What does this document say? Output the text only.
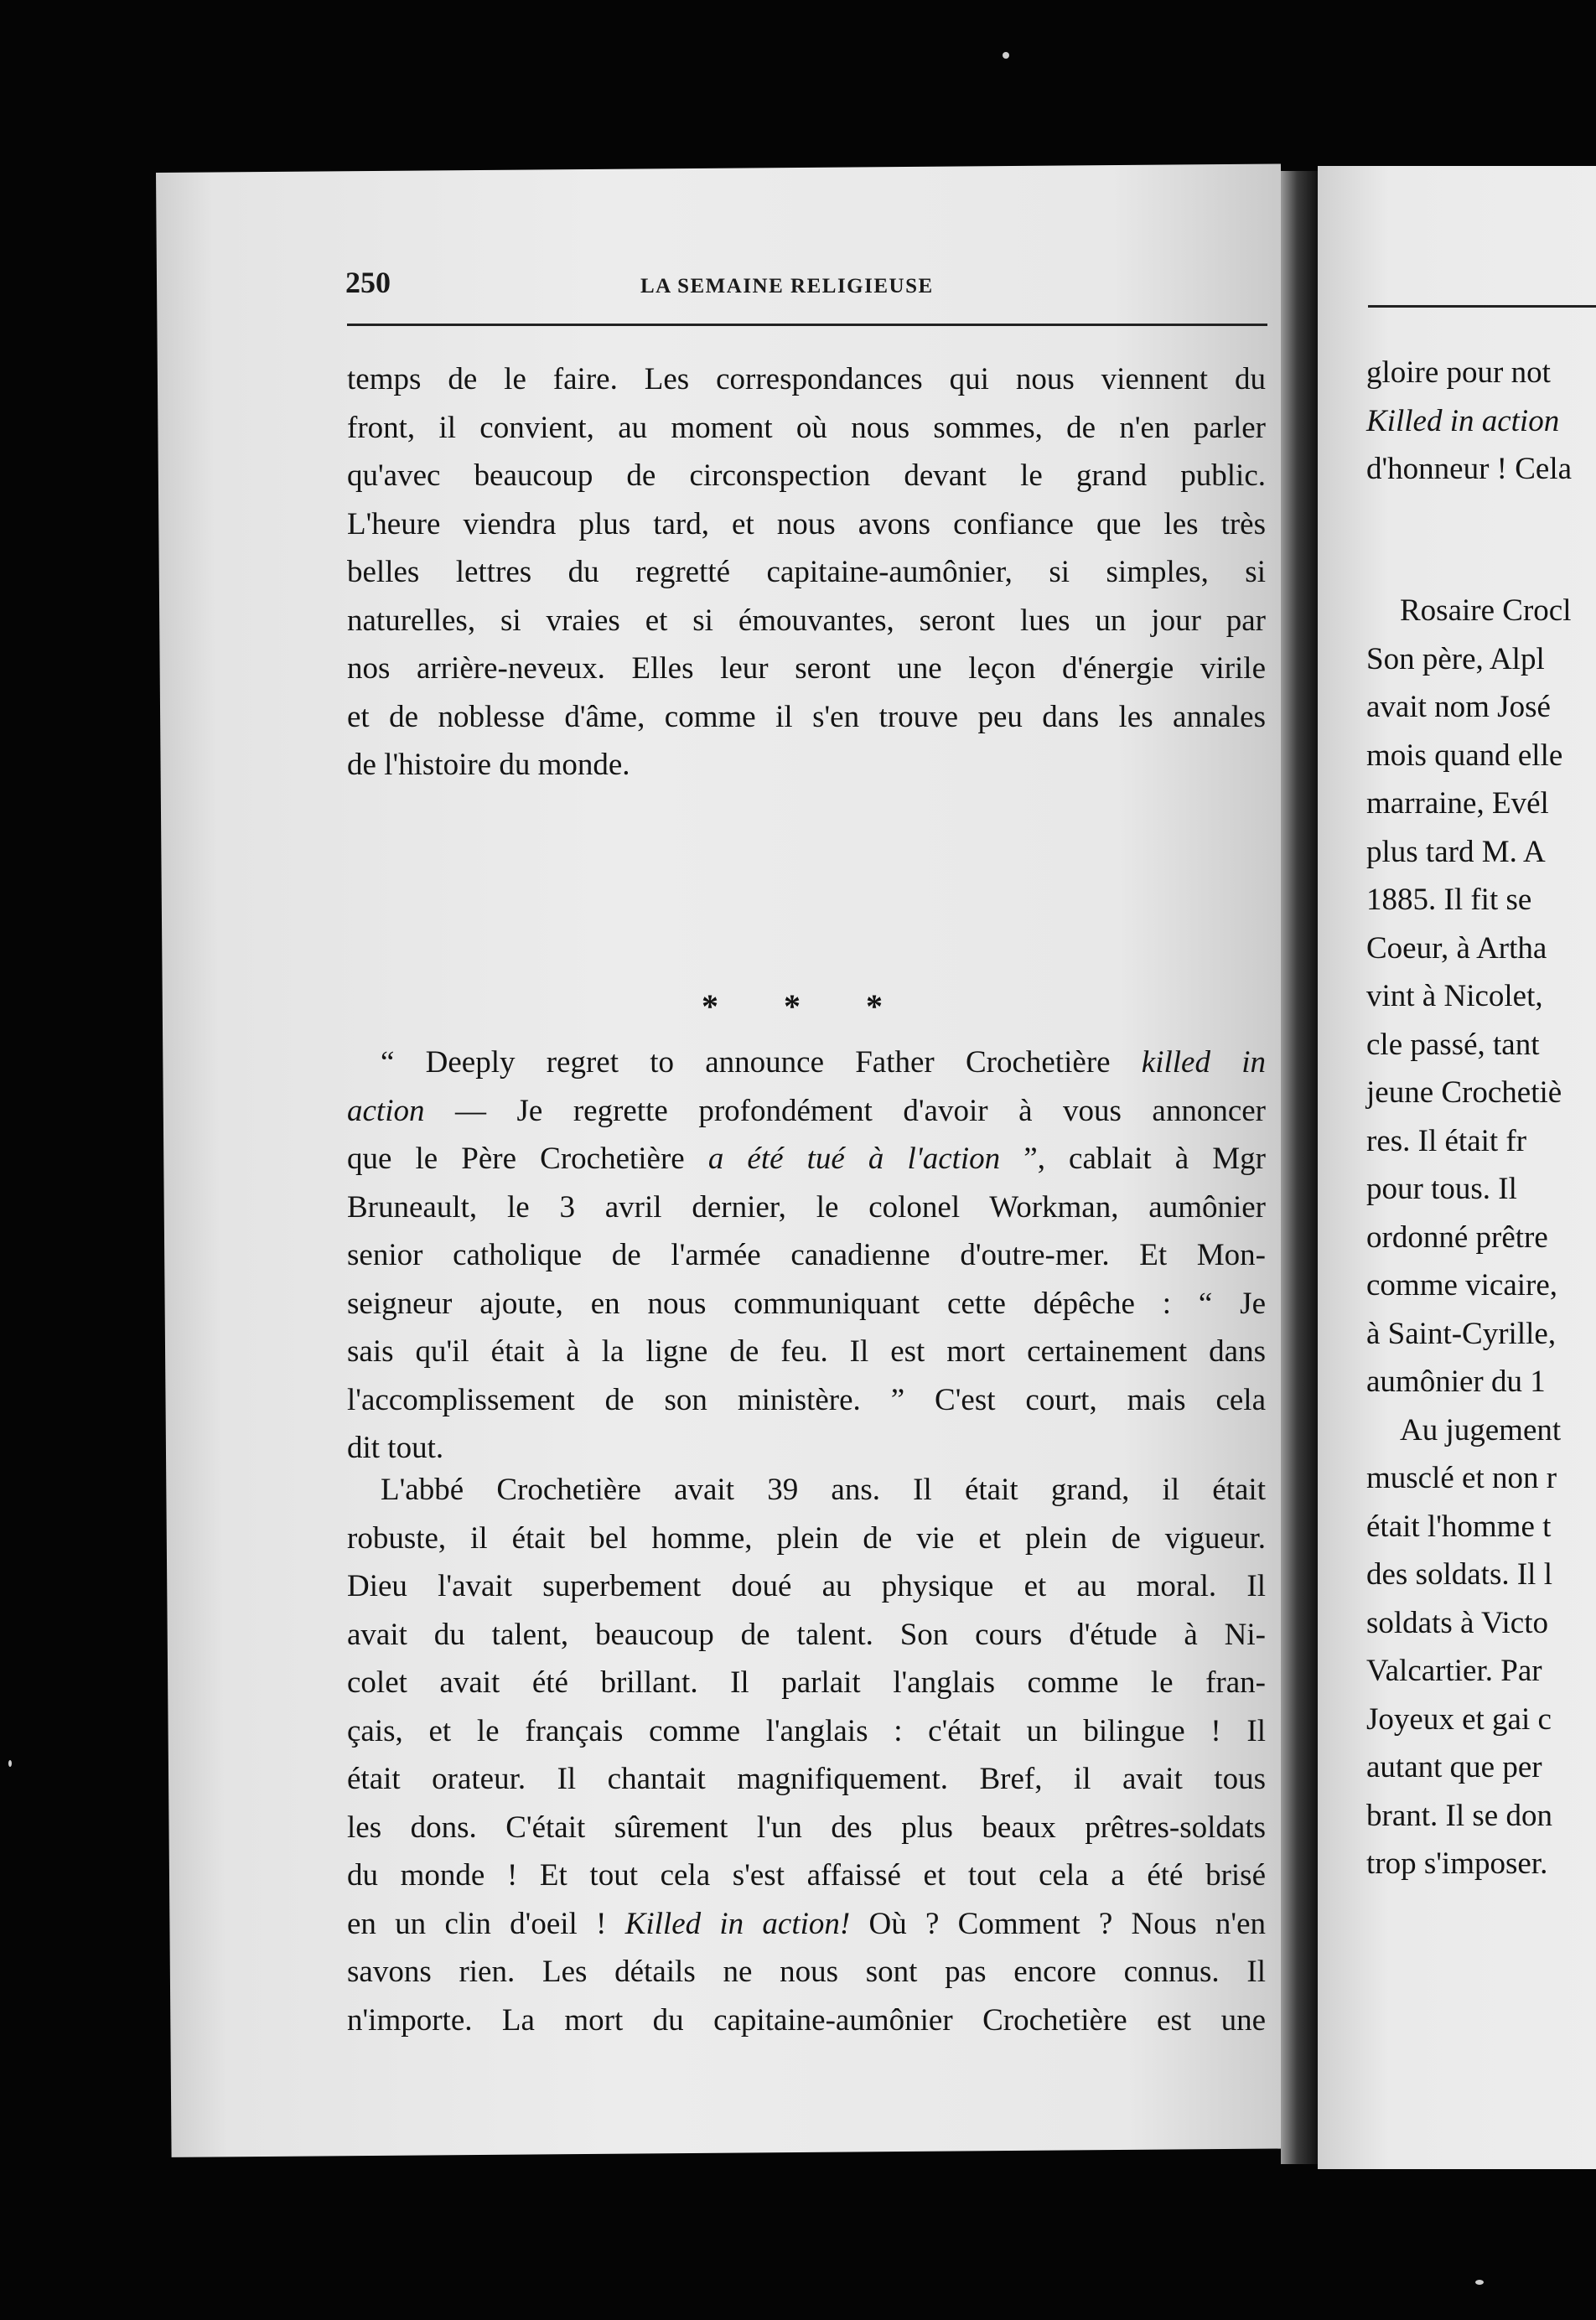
250	LA SEMAINE RELIGIEUSE
temps de le faire. Les correspondances qui nous viennent du
front, il convient, au moment où nous sommes, de n'en parler
qu'avec beaucoup de circonspection devant le grand public.
L'heure viendra plus tard, et nous avons confiance que les très
belles lettres du regretté capitaine-aumônier, si simples, si
naturelles, si vraies et si émouvantes, seront lues un jour par
nos arrière-neveux. Elles leur seront une leçon d'énergie virile
et de noblesse d'âme, comme il s'en trouve peu dans les annales
de l'histoire du monde.
* * *
“ Deeply regret to announce Father Crochetière killed in
action — Je regrette profondément d'avoir à vous annoncer
que le Père Crochetière a été tué à l'action ”, cablait à Mgr
Bruneault, le 3 avril dernier, le colonel Workman, aumônier
senior catholique de l'armée canadienne d'outre-mer. Et Mon-
seigneur ajoute, en nous communiquant cette dépêche : “ Je
sais qu'il était à la ligne de feu. Il est mort certainement dans
l'accomplissement de son ministère. ” C'est court, mais cela
dit tout.
L'abbé Crochetière avait 39 ans. Il était grand, il était
robuste, il était bel homme, plein de vie et plein de vigueur.
Dieu l'avait superbement doué au physique et au moral. Il
avait du talent, beaucoup de talent. Son cours d'étude à Ni-
colet avait été brillant. Il parlait l'anglais comme le fran-
çais, et le français comme l'anglais : c'était un bilingue ! Il
était orateur. Il chantait magnifiquement. Bref, il avait tous
les dons. C'était sûrement l'un des plus beaux prêtres-soldats
du monde ! Et tout cela s'est affaissé et tout cela a été brisé
en un clin d'oeil ! Killed in action! Où ? Comment ? Nous n'en
savons rien. Les détails ne nous sont pas encore connus. Il
n'importe. La mort du capitaine-aumônier Crochetière est une
gloire pour not
Killed in action
d'honneur ! Cela
Rosaire Crocl
Son père, Alpl
avait nom José
mois quand elle
marraine, Evél
plus tard M. A
1885. Il fit se
Coeur, à Artha
vint à Nicolet,
cle passé, tant
jeune Crochetiè
res. Il était fr
pour tous. Il
ordonné prêtre
comme vicaire,
à Saint-Cyrille,
aumônier du 1
Au jugement
musclé et non r
était l'homme t
des soldats. Il l
soldats à Victo
Valcartier. Par
Joyeux et gai c
autant que per
brant. Il se don
trop s'imposer.
